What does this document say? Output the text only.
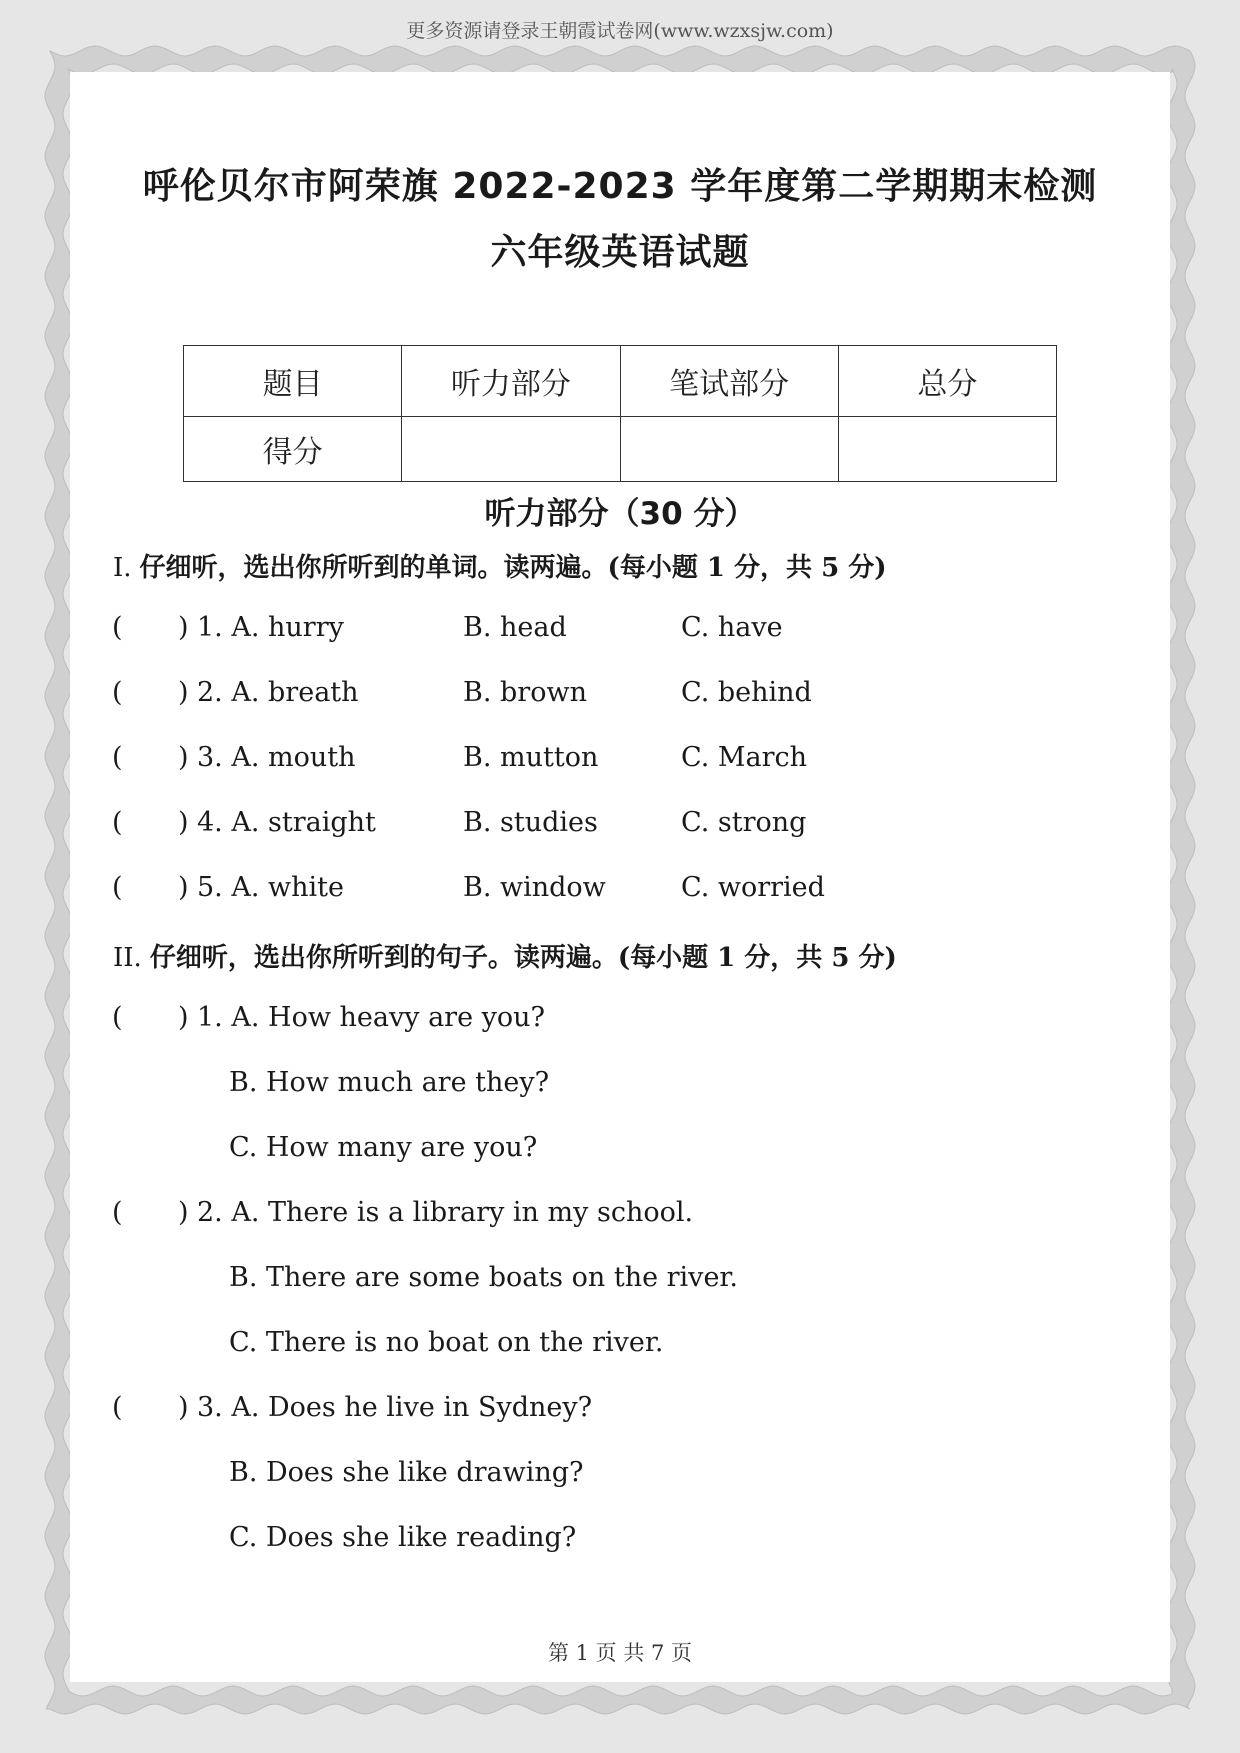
更多资源请登录王朝霞试卷网(www.wzxsjw.com)
呼伦贝尔市阿荣旗 2022-2023 学年度第二学期期末检测
六年级英语试题
题目	听力部分	笔试部分	总分
得分			
听力部分（30 分）
I. 仔细听，选出你所听到的单词。读两遍。(每小题 1 分，共 5 分)
( ) 1. A. hurry	B. head	C. have
( ) 2. A. breath	B. brown	C. behind
( ) 3. A. mouth	B. mutton	C. March
( ) 4. A. straight	B. studies	C. strong
( ) 5. A. white	B. window	C. worried
II. 仔细听，选出你所听到的句子。读两遍。(每小题 1 分，共 5 分)
( ) 1. A. How heavy are you?
B. How much are they?
C. How many are you?
( ) 2. A. There is a library in my school.
B. There are some boats on the river.
C. There is no boat on the river.
( ) 3. A. Does he live in Sydney?
B. Does she like drawing?
C. Does she like reading?
第 1 页 共 7 页
